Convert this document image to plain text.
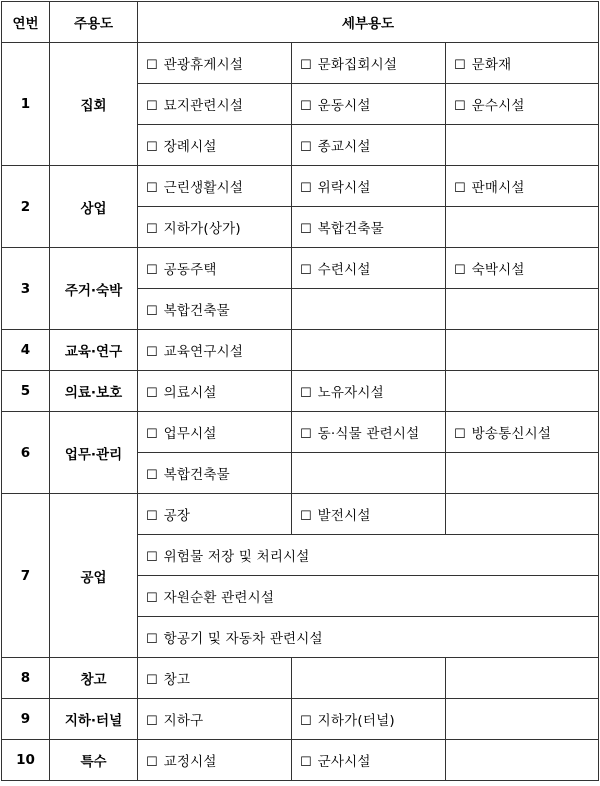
연번	주용도	세부용도		
1	집회	☐ 관광휴게시설	☐ 문화집회시설	☐ 문화재
		☐ 묘지관련시설	☐ 운동시설	☐ 운수시설
		☐ 장례시설	☐ 종교시설	
2	상업	☐ 근린생활시설	☐ 위락시설	☐ 판매시설
		☐ 지하가(상가)	☐ 복합건축물	
3	주거·숙박	☐ 공동주택	☐ 수련시설	☐ 숙박시설
		☐ 복합건축물		
4	교육·연구	☐ 교육연구시설		
5	의료·보호	☐ 의료시설	☐ 노유자시설	
6	업무·관리	☐ 업무시설	☐ 동·식물 관련시설	☐ 방송통신시설
		☐ 복합건축물		
7	공업	☐ 공장	☐ 발전시설	
		☐ 위험물 저장 및 처리시설		
		☐ 자원순환 관련시설		
		☐ 항공기 및 자동차 관련시설		
8	창고	☐ 창고		
9	지하·터널	☐ 지하구	☐ 지하가(터널)	
10	특수	☐ 교정시설	☐ 군사시설	
